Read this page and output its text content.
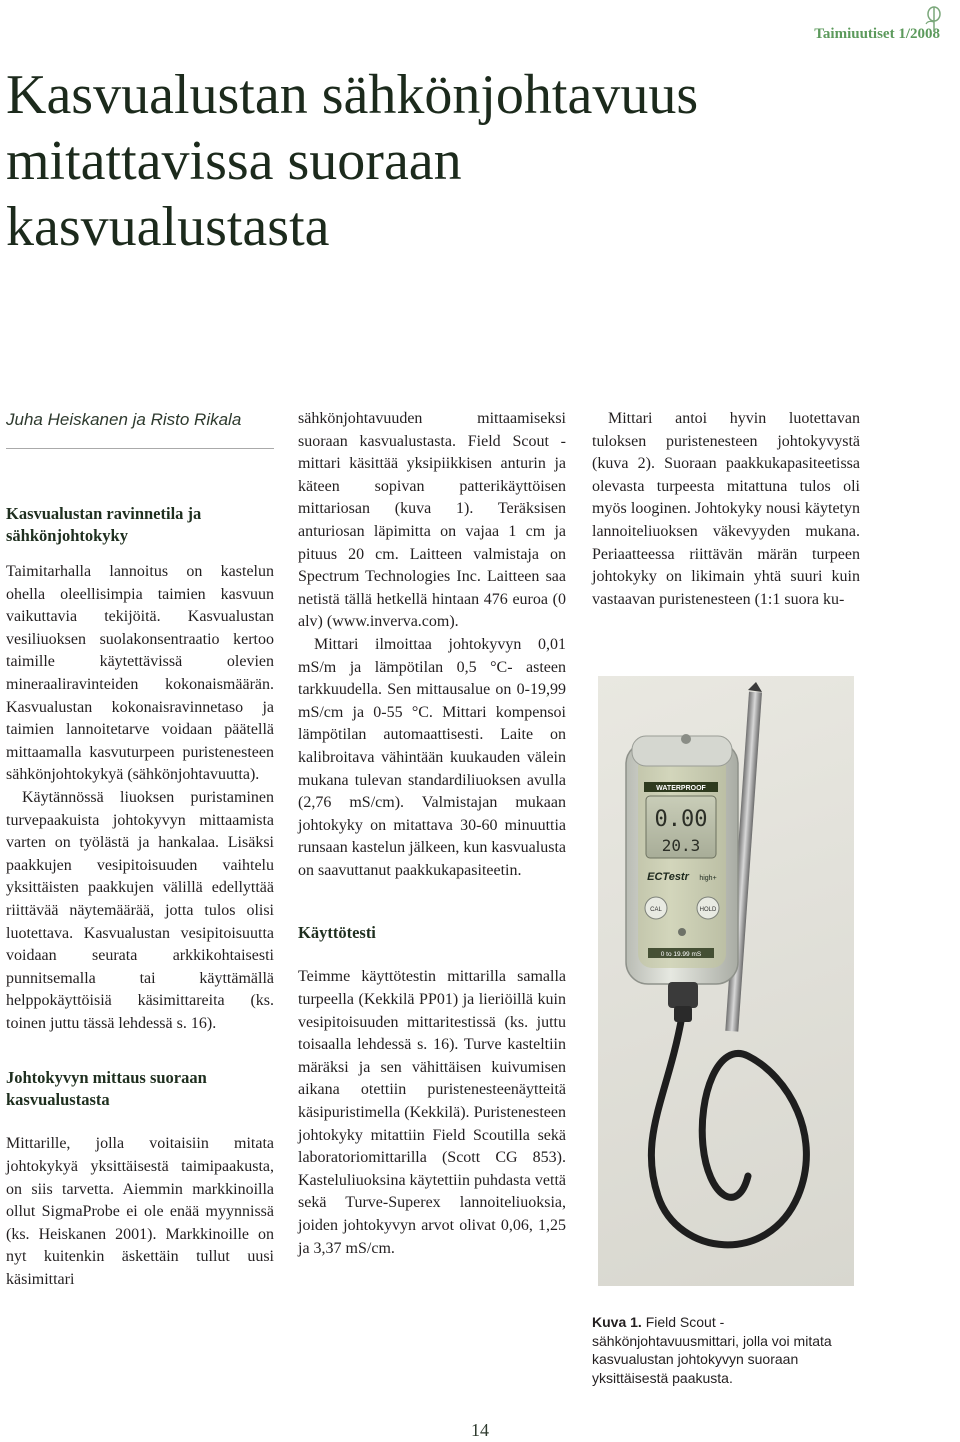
Taimiuutiset 1/2008
Kasvualustan sähkönjohtavuus
mitattavissa suoraan
kasvualustasta

Juha Heiskanen ja Risto Rikala

Kasvualustan ravinnetila ja
sähkönjohtokyky

Taimitarhalla lannoitus on kastelun ohella oleellisimpia taimien kasvuun vaikuttavia tekijöitä. Kasvualustan vesiliuoksen suolakonsentraatio kertoo taimille käytettävissä olevien mineraaliravinteiden kokonaismäärän. Kasvualustan kokonaisravinnetaso ja taimien lannoitetarve voidaan päätellä mittaamalla kasvuturpeen puristenesteen sähkönjohtokykyä (sähkönjohtavuutta).

Käytännössä liuoksen puristaminen turvepaakuista johtokyvyn mittaamista varten on työlästä ja hankalaa. Lisäksi paakkujen vesipitoisuuden vaihtelu yksittäisten paakkujen välillä edellyttää riittävää näytemäärää, jotta tulos olisi luotettava. Kasvualustan vesipitoisuutta voidaan seurata arkkikohtaisesti punnitsemalla tai käyttämällä helppokäyttöisiä käsimittareita (ks. toinen juttu tässä lehdessä s. 16).

Johtokyvyn mittaus suoraan
kasvualustasta

Mittarille, jolla voitaisiin mitata johtokykyä yksittäisestä taimipaakusta, on siis tarvetta. Aiemmin markkinoilla ollut SigmaProbe ei ole enää myynnissä (ks. Heiskanen 2001). Markkinoille on nyt kuitenkin äskettäin tullut uusi käsimittari

sähkönjohtavuuden mittaamiseksi suoraan kasvualustasta. Field Scout -mittari käsittää yksipiikkisen anturin ja käteen sopivan patterikäyttöisen mittariosan (kuva 1). Teräksisen anturiosan läpimitta on vajaa 1 cm ja pituus 20 cm. Laitteen valmistaja on Spectrum Technologies Inc. Laitteen saa netistä tällä hetkellä hintaan 476 euroa (0 alv) (www.inverva.com).

Mittari ilmoittaa johtokyvyn 0,01 mS/m ja lämpötilan 0,5 °C- asteen tarkkuudella. Sen mittausalue on 0-19,99 mS/cm ja 0-55 °C. Mittari kompensoi lämpötilan automaattisesti. Laite on kalibroitava vähintään kuukauden välein mukana tulevan standardiliuoksen avulla (2,76 mS/cm). Valmistajan mukaan johtokyky on mitattava 30-60 minuuttia runsaan kastelun jälkeen, kun kasvualusta on saavuttanut paakkukapasiteetin.

Käyttötesti

Teimme käyttötestin mittarilla samalla turpeella (Kekkilä PP01) ja lieriöillä kuin vesipitoisuuden mittaritestissä (ks. juttu toisaalla lehdessä s. 16). Turve kasteltiin märäksi ja sen vähittäisen kuivumisen aikana otettiin puristenesteenäytteitä käsipuristimella (Kekkilä). Puristenesteen johtokyky mitattiin Field Scoutilla sekä laboratoriomittarilla (Scott CG 853). Kasteluliuoksina käytettiin puhdasta vettä sekä Turve-Superex lannoiteliuoksia, joiden johtokyvyn arvot olivat 0,06, 1,25 ja 3,37 mS/cm.

Mittari antoi hyvin luotettavan tuloksen puristenesteen johtokyvystä (kuva 2). Suoraan paakkukapasiteetissa olevasta turpeesta mitattuna tulos oli myös looginen. Johtokyky nousi käytetyn lannoiteliuoksen väkevyyden mukana. Periaatteessa riittävän märän turpeen johtokyky on likimain yhtä suuri kuin vastaavan puristenesteen (1:1 suora ku-

WATERPROOF
0.00
20.3
ECTestr high+
CAL	HOLD
0 to 19.99 mS
Kuva 1. Field Scout -sähkönjohtavuusmittari, jolla voi mitata kasvualustan johtokyvyn suoraan yksittäisestä paakusta.
14
